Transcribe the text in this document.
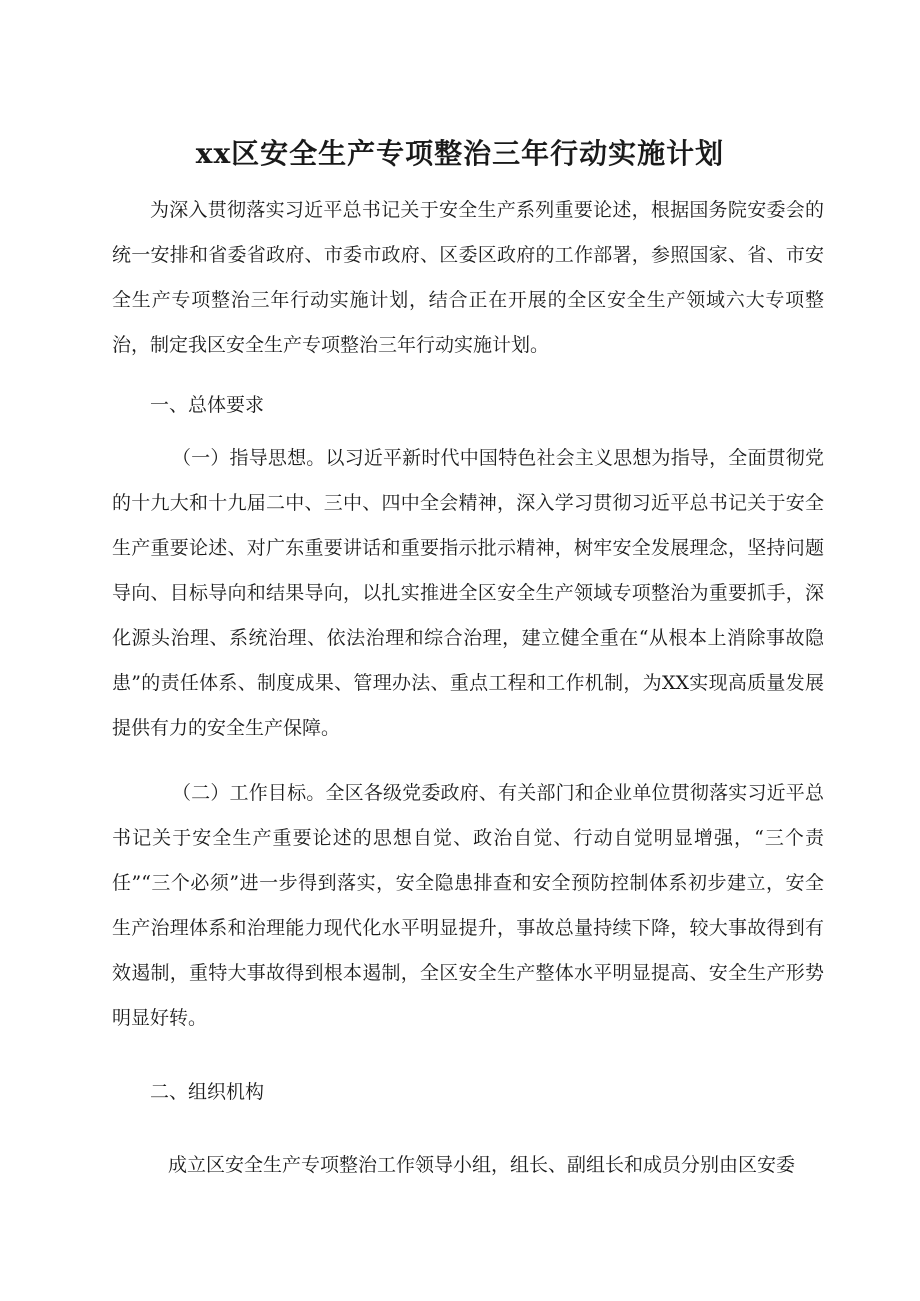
xx区安全生产专项整治三年行动实施计划

为深入贯彻落实习近平总书记关于安全生产系列重要论述，根据国务院安委会的统一安排和省委省政府、市委市政府、区委区政府的工作部署，参照国家、省、市安全生产专项整治三年行动实施计划，结合正在开展的全区安全生产领域六大专项整治，制定我区安全生产专项整治三年行动实施计划。

一、总体要求

（一）指导思想。以习近平新时代中国特色社会主义思想为指导，全面贯彻党的十九大和十九届二中、三中、四中全会精神，深入学习贯彻习近平总书记关于安全生产重要论述、对广东重要讲话和重要指示批示精神，树牢安全发展理念，坚持问题导向、目标导向和结果导向，以扎实推进全区安全生产领域专项整治为重要抓手，深化源头治理、系统治理、依法治理和综合治理，建立健全重在“从根本上消除事故隐患”的责任体系、制度成果、管理办法、重点工程和工作机制，为XX实现高质量发展提供有力的安全生产保障。

（二）工作目标。全区各级党委政府、有关部门和企业单位贯彻落实习近平总书记关于安全生产重要论述的思想自觉、政治自觉、行动自觉明显增强，“三个责任”“三个必须”进一步得到落实，安全隐患排查和安全预防控制体系初步建立，安全生产治理体系和治理能力现代化水平明显提升，事故总量持续下降，较大事故得到有效遏制，重特大事故得到根本遏制，全区安全生产整体水平明显提高、安全生产形势明显好转。

二、组织机构

成立区安全生产专项整治工作领导小组，组长、副组长和成员分别由区安委
